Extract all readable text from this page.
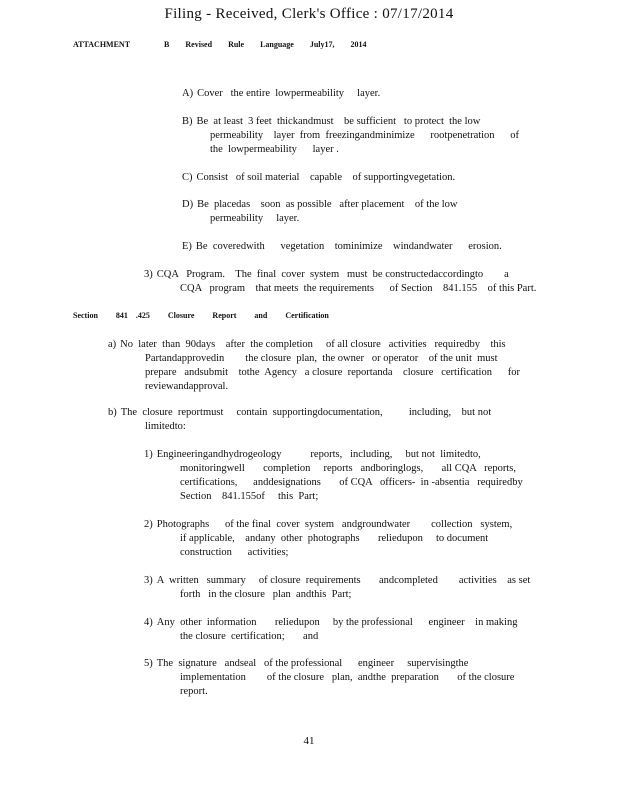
Filing - Received, Clerk's Office : 07/17/2014
ATTACHMENT	B Revised Rule Language July17, 2014
A) Cover   the entire  lowpermeability     layer.
B) Be  at least  3 feet  thickandmust    be sufficient   to protect  the low
permeability    layer  from  freezingandminimize      rootpenetration      of
the  lowpermeability      layer .
C) Consist   of soil material    capable    of supportingvegetation.
D) Be  placedas    soon  as possible   after placement    of the low
permeability     layer.
E) Be  coveredwith      vegetation    tominimize    windandwater      erosion.
3) CQA   Program.    The  final  cover  system   must  be constructedaccordingto        a
CQA   program    that meets  the requirements      of Section    841.155    of this Part.
Section 841 .425 Closure Report and Certification
a) No  later  than  90days    after  the completion     of all closure   activities   requiredby    this
Partandapprovedin        the closure  plan,  the owner   or operator    of the unit  must
prepare   andsubmit    tothe  Agency   a closure  reportanda    closure   certification      for
reviewandapproval.
b) The  closure  reportmust     contain  supportingdocumentation,          including,    but not
limitedto:
1) Engineeringandhydrogeology           reports,   including,     but not  limitedto,
monitoringwell       completion     reports   andboringlogs,       all CQA   reports,
certifications,      anddesignations       of CQA   officers-  in -absentia   requiredby
Section    841.155of     this  Part;
2) Photographs      of the final  cover  system   andgroundwater        collection   system,
if applicable,    andany  other  photographs       reliedupon     to document
construction      activities;
3) A  written   summary     of closure  requirements       andcompleted        activities    as set
forth   in the closure   plan  andthis  Part;
4) Any  other  information       reliedupon     by the professional      engineer    in making
the closure  certification;       and
5) The  signature   andseal   of the professional      engineer     supervisingthe
implementation        of the closure   plan,  andthe  preparation       of the closure
report.
41
